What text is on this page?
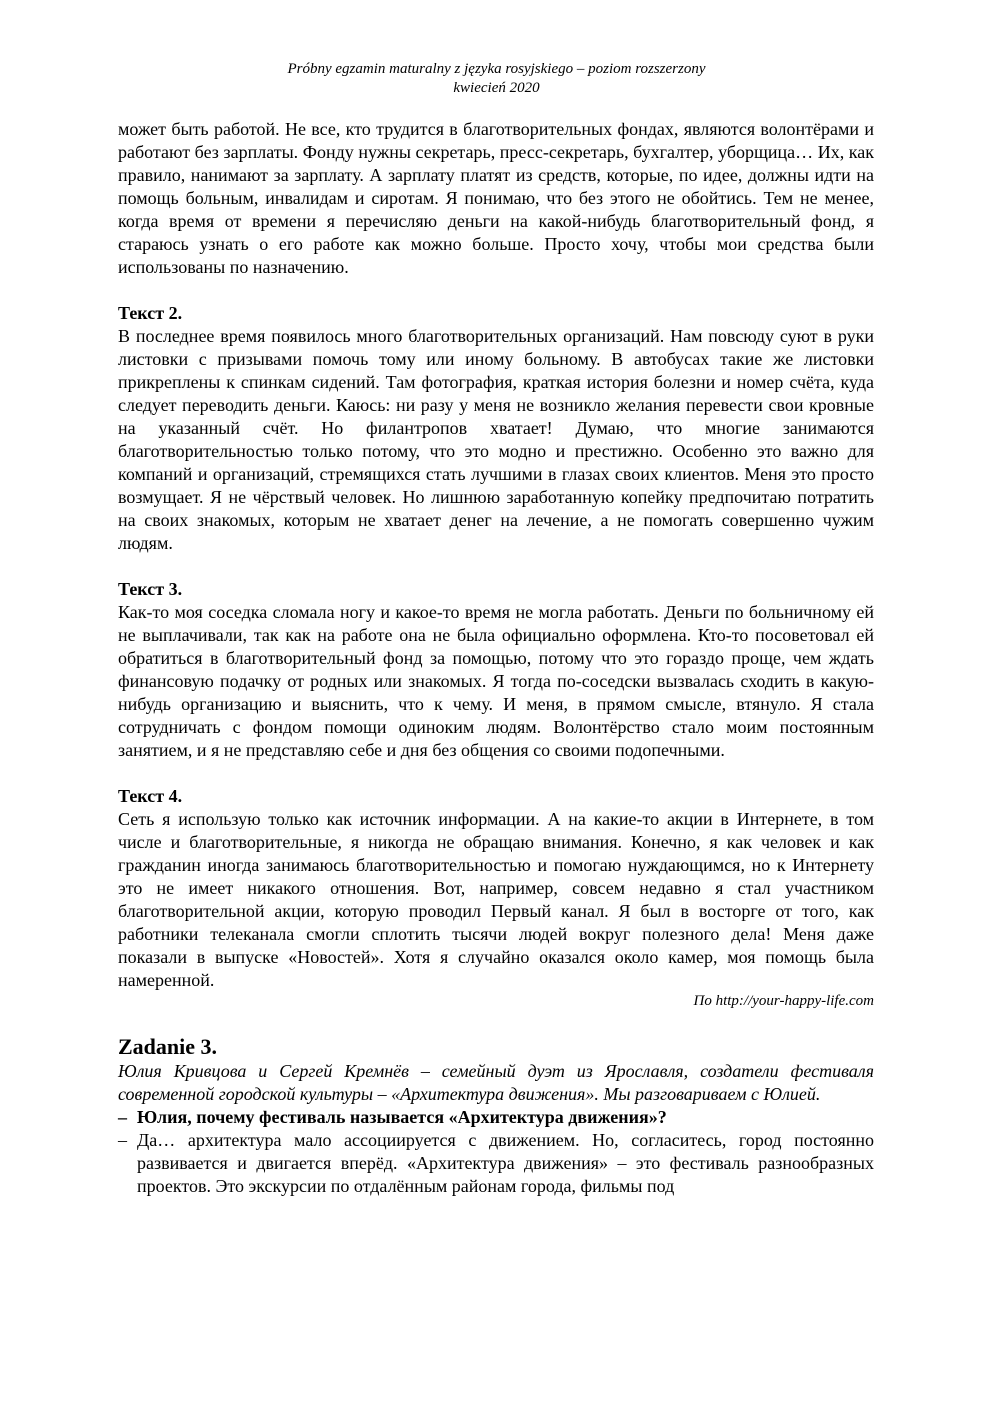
Próbny egzamin maturalny z języka rosyjskiego – poziom rozszerzony
kwiecień 2020

может быть работой. Не все, кто трудится в благотворительных фондах, являются волонтёрами и работают без зарплаты. Фонду нужны секретарь, пресс-секретарь, бухгалтер, уборщица… Их, как правило, нанимают за зарплату. А зарплату платят из средств, которые, по идее, должны идти на помощь больным, инвалидам и сиротам. Я понимаю, что без этого не обойтись. Тем не менее, когда время от времени я перечисляю деньги на какой-нибудь благотворительный фонд, я стараюсь узнать о его работе как можно больше. Просто хочу, чтобы мои средства были использованы по назначению.

Текст 2.

В последнее время появилось много благотворительных организаций. Нам повсюду суют в руки листовки с призывами помочь тому или иному больному. В автобусах такие же листовки прикреплены к спинкам сидений. Там фотография, краткая история болезни и номер счёта, куда следует переводить деньги. Каюсь: ни разу у меня не возникло желания перевести свои кровные на указанный счёт. Но филантропов хватает! Думаю, что многие занимаются благотворительностью только потому, что это модно и престижно. Особенно это важно для компаний и организаций, стремящихся стать лучшими в глазах своих клиентов. Меня это просто возмущает. Я не чёрствый человек. Но лишнюю заработанную копейку предпочитаю потратить на своих знакомых, которым не хватает денег на лечение, а не помогать совершенно чужим людям.

Текст 3.

Как-то моя соседка сломала ногу и какое-то время не могла работать. Деньги по больничному ей не выплачивали, так как на работе она не была официально оформлена. Кто-то посоветовал ей обратиться в благотворительный фонд за помощью, потому что это гораздо проще, чем ждать финансовую подачку от родных или знакомых. Я тогда по-соседски вызвалась сходить в какую-нибудь организацию и выяснить, что к чему. И меня, в прямом смысле, втянуло. Я стала сотрудничать с фондом помощи одиноким людям. Волонтёрство стало моим постоянным занятием, и я не представляю себе и дня без общения со своими подопечными.

Текст 4.

Сеть я использую только как источник информации. А на какие-то акции в Интернете, в том числе и благотворительные, я никогда не обращаю внимания. Конечно, я как человек и как гражданин иногда занимаюсь благотворительностью и помогаю нуждающимся, но к Интернету это не имеет никакого отношения. Вот, например, совсем недавно я стал участником благотворительной акции, которую проводил Первый канал. Я был в восторге от того, как работники телеканала смогли сплотить тысячи людей вокруг полезного дела! Меня даже показали в выпуске «Новостей». Хотя я случайно оказался около камер, моя помощь была намеренной.

По http://your-happy-life.com

Zadanie 3.

Юлия Кривцова и Сергей Кремнёв – семейный дуэт из Ярославля, создатели фестиваля современной городской культуры – «Архитектура движения». Мы разговариваем с Юлией.

– Юлия, почему фестиваль называется «Архитектура движения»?
– Да… архитектура мало ассоциируется с движением. Но, согласитесь, город постоянно развивается и двигается вперёд. «Архитектура движения» – это фестиваль разнообразных проектов. Это экскурсии по отдалённым районам города, фильмы под
